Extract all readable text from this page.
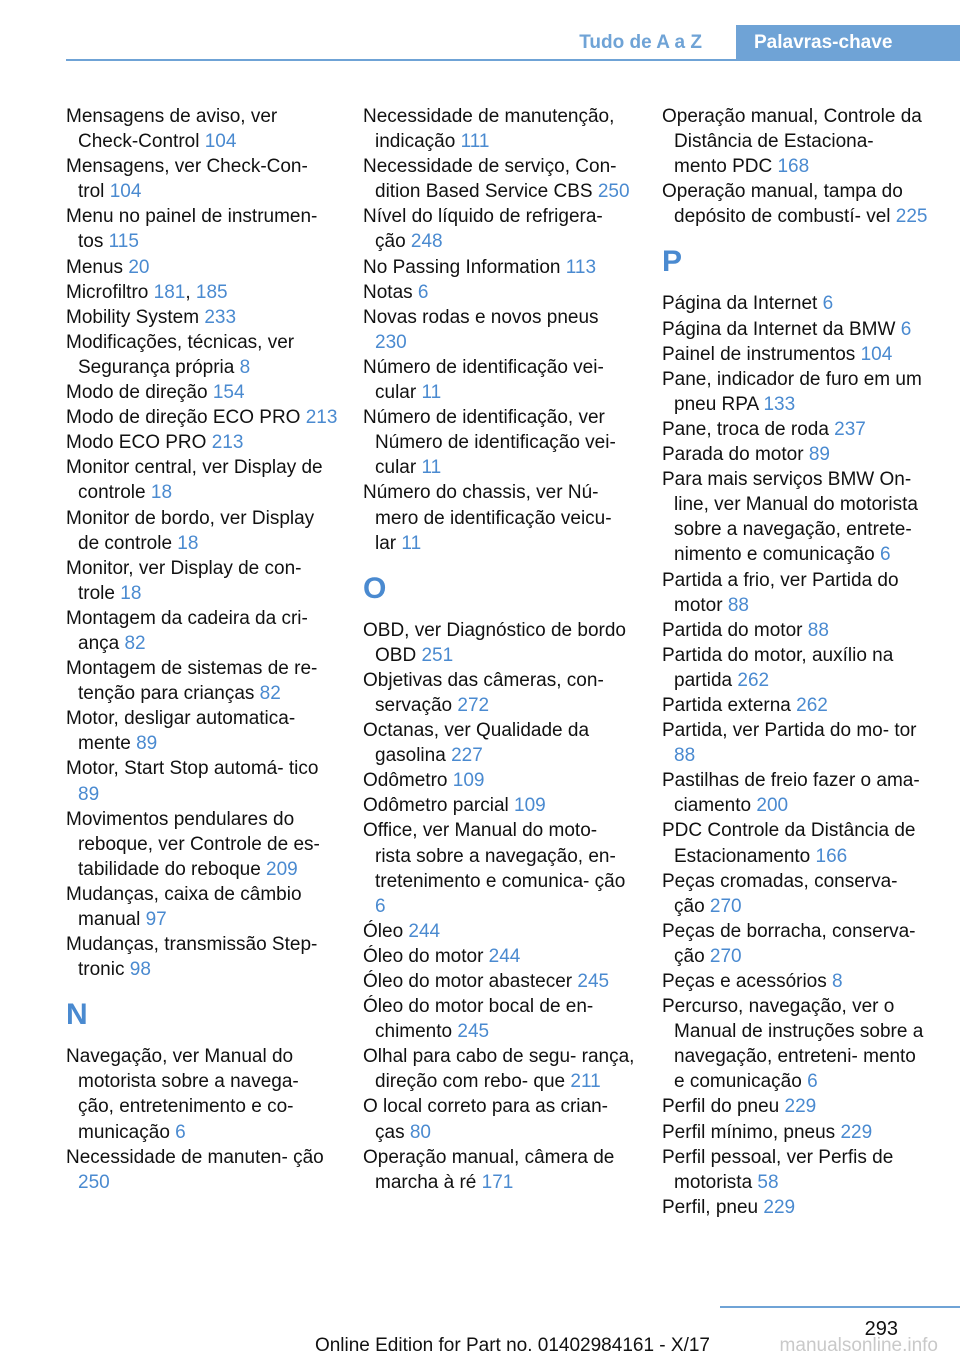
Tudo de A a Z	Palavras-chave
Mensagens de aviso, ver Check-Control 104
Mensagens, ver Check-Con- trol 104
Menu no painel de instrumen- tos 115
Menus 20
Microfiltro 181, 185
Mobility System 233
Modificações, técnicas, ver Segurança própria 8
Modo de direção 154
Modo de direção ECO PRO 213
Modo ECO PRO 213
Monitor central, ver Display de controle 18
Monitor de bordo, ver Display de controle 18
Monitor, ver Display de con- trole 18
Montagem da cadeira da cri- ança 82
Montagem de sistemas de re- tenção para crianças 82
Motor, desligar automatica- mente 89
Motor, Start Stop automá- tico 89
Movimentos pendulares do reboque, ver Controle de es- tabilidade do reboque 209
Mudanças, caixa de câmbio manual 97
Mudanças, transmissão Step- tronic 98
N
Navegação, ver Manual do motorista sobre a navega- ção, entretenimento e co- municação 6
Necessidade de manuten- ção 250
Necessidade de manutenção, indicação 111
Necessidade de serviço, Con- dition Based Service CBS 250
Nível do líquido de refrigera- ção 248
No Passing Information 113
Notas 6
Novas rodas e novos pneus 230
Número de identificação vei- cular 11
Número de identificação, ver Número de identificação vei- cular 11
Número do chassis, ver Nú- mero de identificação veicu- lar 11
O
OBD, ver Diagnóstico de bordo OBD 251
Objetivas das câmeras, con- servação 272
Octanas, ver Qualidade da gasolina 227
Odômetro 109
Odômetro parcial 109
Office, ver Manual do moto- rista sobre a navegação, en- tretenimento e comunica- ção 6
Óleo 244
Óleo do motor 244
Óleo do motor abastecer 245
Óleo do motor bocal de en- chimento 245
Olhal para cabo de segu- rança, direção com rebo- que 211
O local correto para as crian- ças 80
Operação manual, câmera de marcha à ré 171
Operação manual, Controle da Distância de Estaciona- mento PDC 168
Operação manual, tampa do depósito de combustí- vel 225
P
Página da Internet 6
Página da Internet da BMW 6
Painel de instrumentos 104
Pane, indicador de furo em um pneu RPA 133
Pane, troca de roda 237
Parada do motor 89
Para mais serviços BMW On- line, ver Manual do motorista sobre a navegação, entrete- nimento e comunicação 6
Partida a frio, ver Partida do motor 88
Partida do motor 88
Partida do motor, auxílio na partida 262
Partida externa 262
Partida, ver Partida do mo- tor 88
Pastilhas de freio fazer o ama- ciamento 200
PDC Controle da Distância de Estacionamento 166
Peças cromadas, conserva- ção 270
Peças de borracha, conserva- ção 270
Peças e acessórios 8
Percurso, navegação, ver o Manual de instruções sobre a navegação, entreteni- mento e comunicação 6
Perfil do pneu 229
Perfil mínimo, pneus 229
Perfil pessoal, ver Perfis de motorista 58
Perfil, pneu 229
293
Online Edition for Part no. 01402984161 - X/17	manualsonline.info
